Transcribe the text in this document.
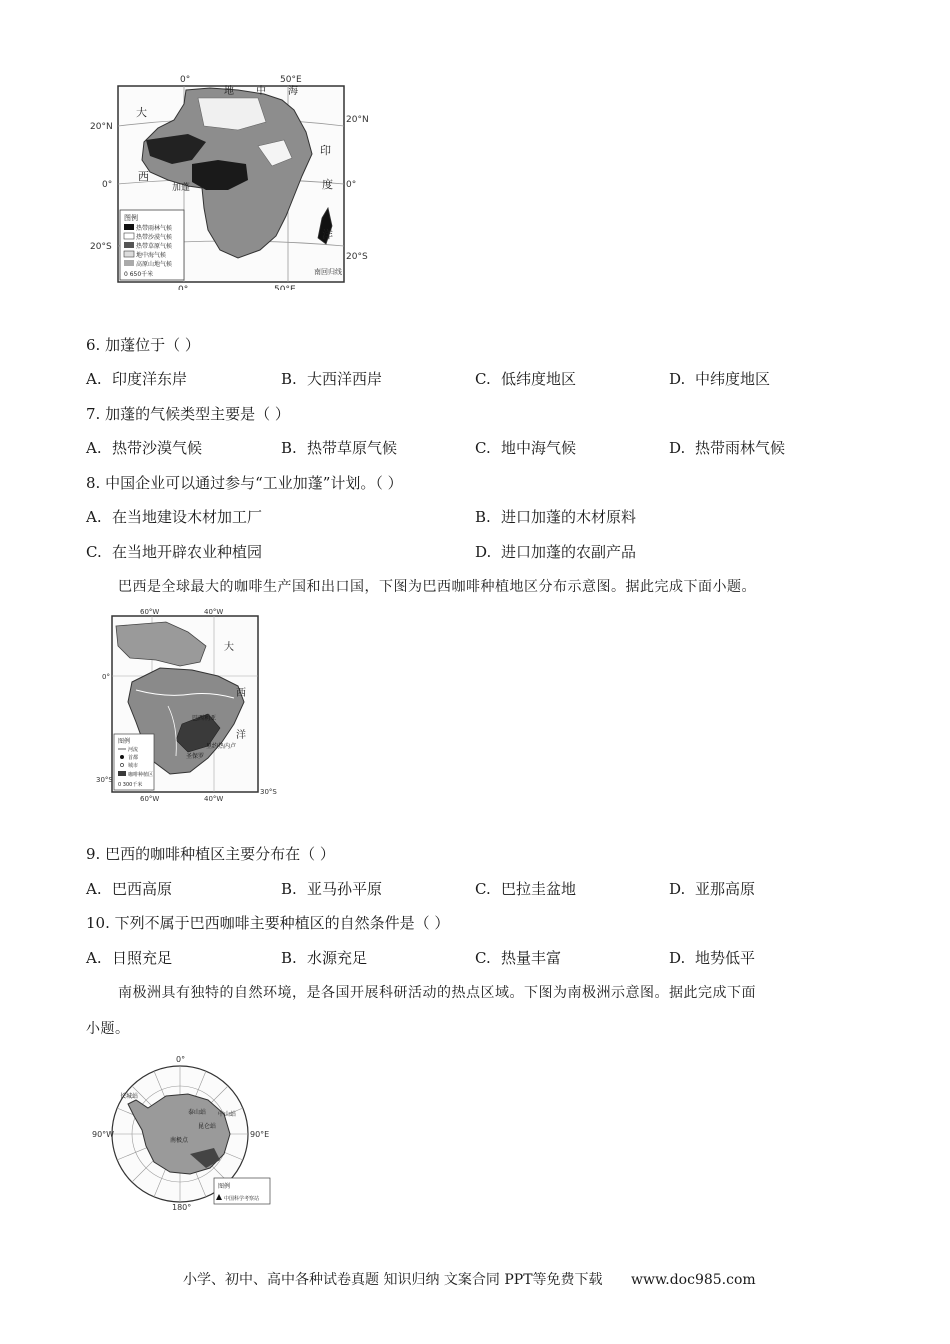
0°	50°E
0°	50°E
20°N
0°
20°S
20°N
0°
20°S
大
西
地 中 海
印
度
洋
加蓬
南回归线
图例
热带雨林气候
热带沙漠气候
热带草原气候
地中海气候
高原山地气候
0 650千米
6. 加蓬位于（ ）
A. 印度洋东岸	B. 大西洋西岸	C. 低纬度地区	D. 中纬度地区
7. 加蓬的气候类型主要是（ ）
A. 热带沙漠气候	B. 热带草原气候	C. 地中海气候	D. 热带雨林气候
8. 中国企业可以通过参与“工业加蓬”计划。（ ）
A. 在当地建设木材加工厂	B. 进口加蓬的木材原料
C. 在当地开辟农业种植园	D. 进口加蓬的农副产品
巴西是全球最大的咖啡生产国和出口国，下图为巴西咖啡种植地区分布示意图。据此完成下面小题。
60°W	40°W
60°W	40°W
0°
30°S
30°S
大
西
洋
巴西利亚
里约热内卢
圣保罗
图例
河流
首都
城市
咖啡种植区
0 300千米
9. 巴西的咖啡种植区主要分布在（ ）
A. 巴西高原	B. 亚马孙平原	C. 巴拉圭盆地	D. 亚那高原
10. 下列不属于巴西咖啡主要种植区的自然条件是（ ）
A. 日照充足	B. 水源充足	C. 热量丰富	D. 地势低平
南极洲具有独特的自然环境，是各国开展科研活动的热点区域。下图为南极洲示意图。据此完成下面
小题。
0°
90°W	90°E
180°
长城站
中山站
昆仑站
泰山站
南极点
图例
中国科学考察站
小学、初中、高中各种试卷真题 知识归纳 文案合同 PPT等免费下载 www.doc985.com
